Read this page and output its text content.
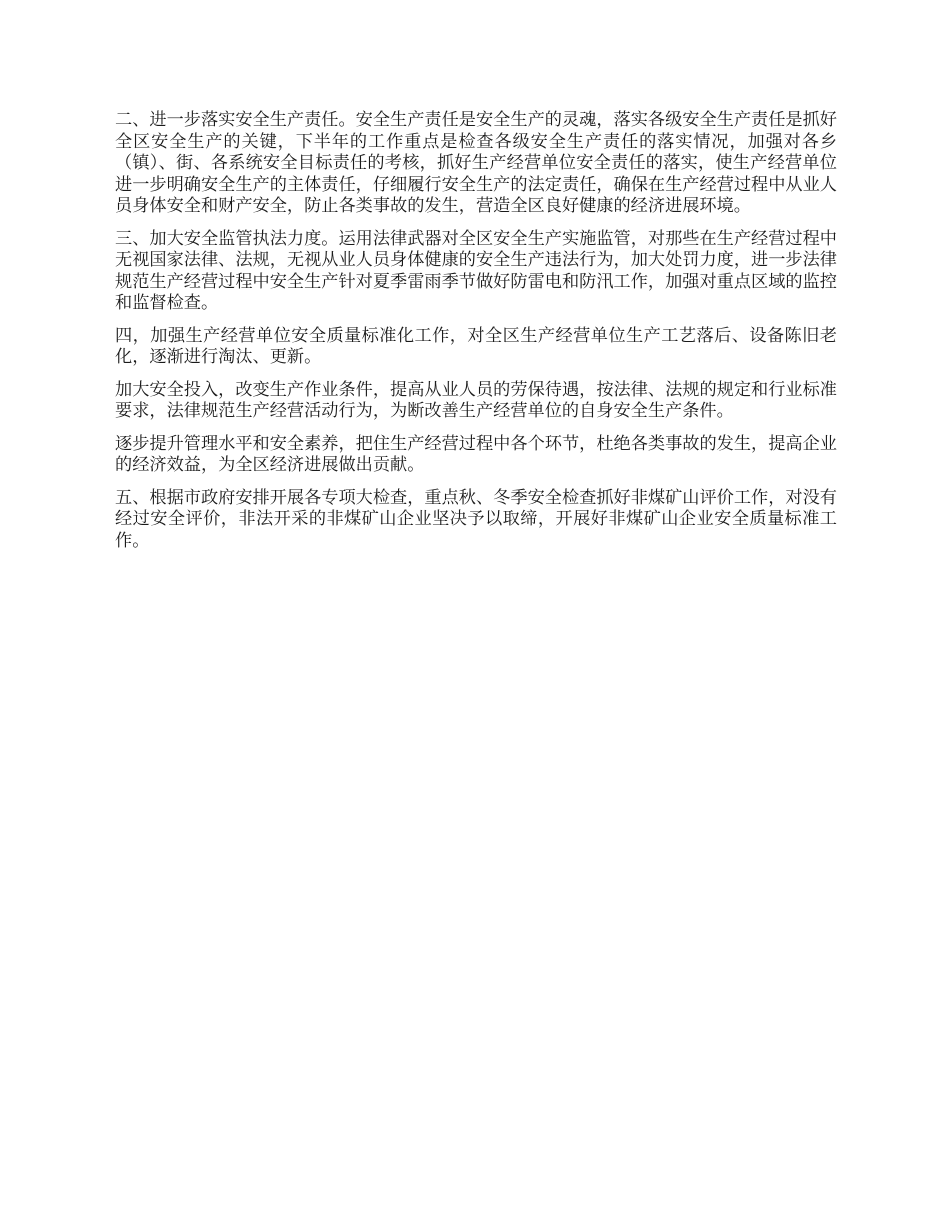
二、进一步落实安全生产责任。安全生产责任是安全生产的灵魂，落实各级安全生产责任是抓好全区安全生产的关键，下半年的工作重点是检查各级安全生产责任的落实情况，加强对各乡（镇）、街、各系统安全目标责任的考核，抓好生产经营单位安全责任的落实，使生产经营单位进一步明确安全生产的主体责任，仔细履行安全生产的法定责任，确保在生产经营过程中从业人员身体安全和财产安全，防止各类事故的发生，营造全区良好健康的经济进展环境。

三、加大安全监管执法力度。运用法律武器对全区安全生产实施监管，对那些在生产经营过程中无视国家法律、法规，无视从业人员身体健康的安全生产违法行为，加大处罚力度，进一步法律规范生产经营过程中安全生产针对夏季雷雨季节做好防雷电和防汛工作，加强对重点区域的监控和监督检查。

四，加强生产经营单位安全质量标准化工作，对全区生产经营单位生产工艺落后、设备陈旧老化，逐渐进行淘汰、更新。

加大安全投入，改变生产作业条件，提高从业人员的劳保待遇，按法律、法规的规定和行业标准要求，法律规范生产经营活动行为，为断改善生产经营单位的自身安全生产条件。

逐步提升管理水平和安全素养，把住生产经营过程中各个环节，杜绝各类事故的发生，提高企业的经济效益，为全区经济进展做出贡献。

五、根据市政府安排开展各专项大检查，重点秋、冬季安全检查抓好非煤矿山评价工作，对没有经过安全评价，非法开采的非煤矿山企业坚决予以取缔，开展好非煤矿山企业安全质量标准工作。
